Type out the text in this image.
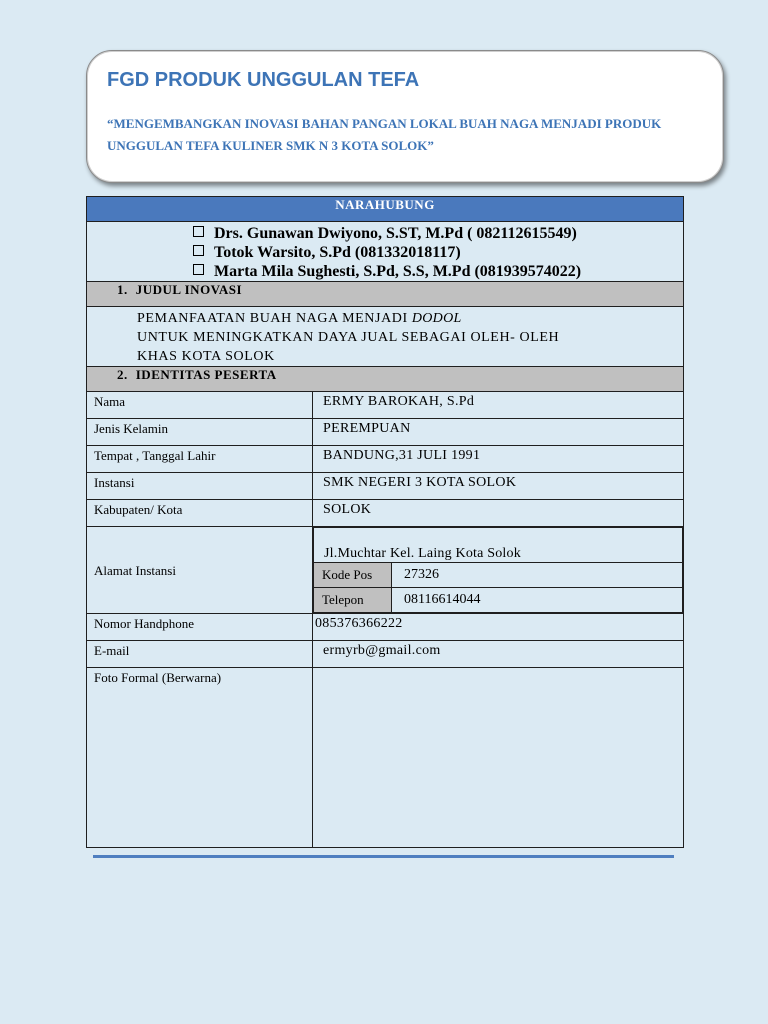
FGD PRODUK UNGGULAN TEFA
“MENGEMBANGKAN INOVASI BAHAN PANGAN LOKAL BUAH NAGA MENJADI PRODUK UNGGULAN TEFA KULINER SMK N 3 KOTA SOLOK”
NARAHUBUNG

Drs. Gunawan Dwiyono, S.ST, M.Pd ( 082112615549)
Totok Warsito, S.Pd (081332018117)
Marta Mila Sughesti, S.Pd, S.S, M.Pd (081939574022)

1. JUDUL INOVASI

PEMANFAATAN BUAH NAGA MENJADI DODOL
UNTUK MENINGKATKAN DAYA JUAL SEBAGAI OLEH- OLEH
KHAS KOTA SOLOK

2. IDENTITAS PESERTA
Nama	ERMY BAROKAH, S.Pd
Jenis Kelamin	PEREMPUAN
Tempat , Tanggal Lahir	BANDUNG,31 JULI 1991
Instansi	SMK NEGERI 3 KOTA SOLOK
Kabupaten/ Kota	SOLOK
Alamat Instansi	
Jl.Muchtar Kel. Laing Kota Solok
Kode Pos	27326
Telepon	08116614044

Nomor Handphone	085376366222
E-mail	ermyrb@gmail.com
Foto Formal (Berwarna)	
